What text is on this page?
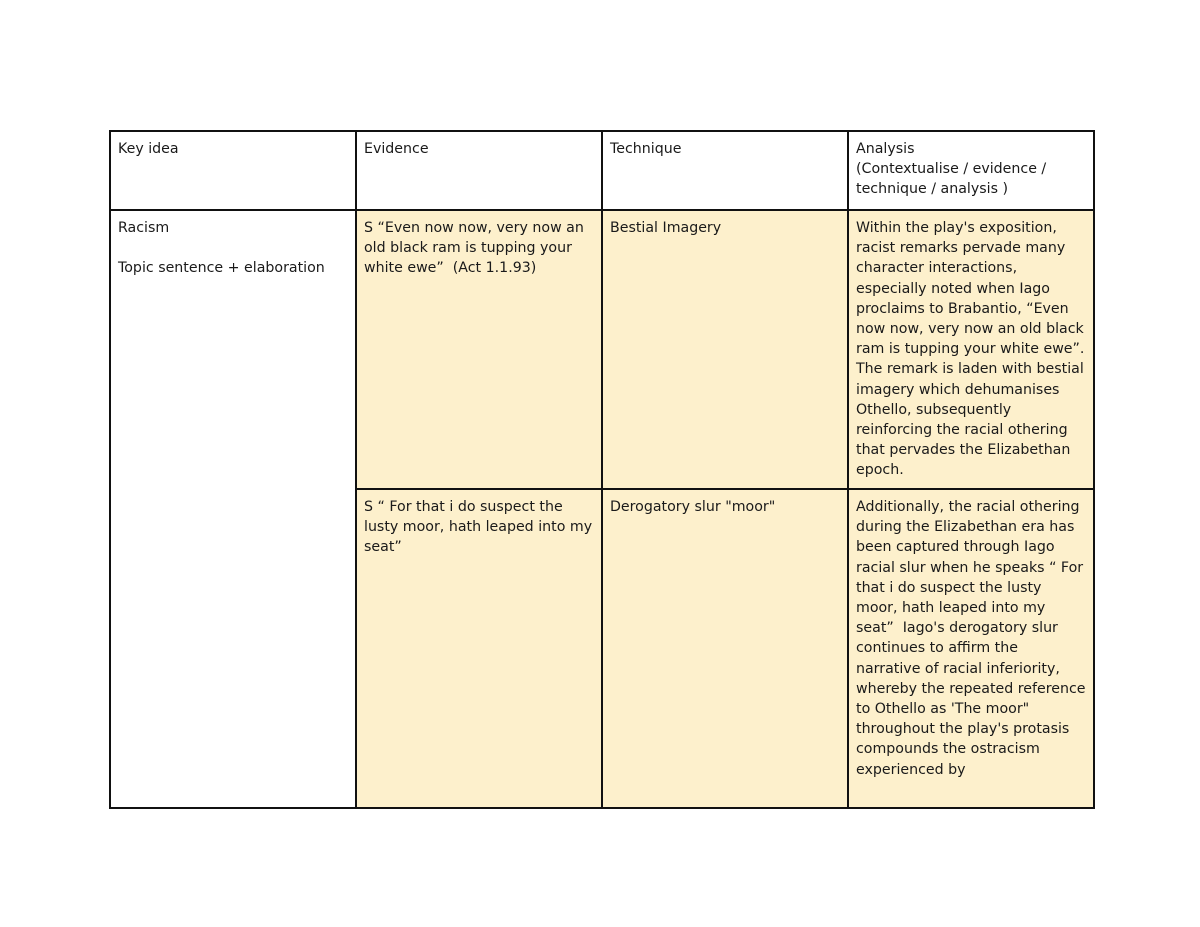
Key idea	Evidence	Technique	Analysis
(Contextualise / evidence / technique / analysis )

Racism
Topic sentence + elaboration	S “Even now now, very now an old black ram is tupping your white ewe”  (Act 1.1.93)	Bestial Imagery	Within the play's exposition, racist remarks pervade many character interactions, especially noted when Iago proclaims to Brabantio, “Even now now, very now an old black ram is tupping your white ewe”. The remark is laden with bestial imagery which dehumanises Othello, subsequently reinforcing the racial othering that pervades the Elizabethan epoch.

	S “ For that i do suspect the lusty moor, hath leaped into my seat”	Derogatory slur "moor"	Additionally, the racial othering during the Elizabethan era has been captured through Iago racial slur when he speaks “ For that i do suspect the lusty moor, hath leaped into my seat”  Iago's derogatory slur continues to affirm the narrative of racial inferiority, whereby the repeated reference to Othello as 'The moor" throughout the play's protasis compounds the ostracism experienced by
